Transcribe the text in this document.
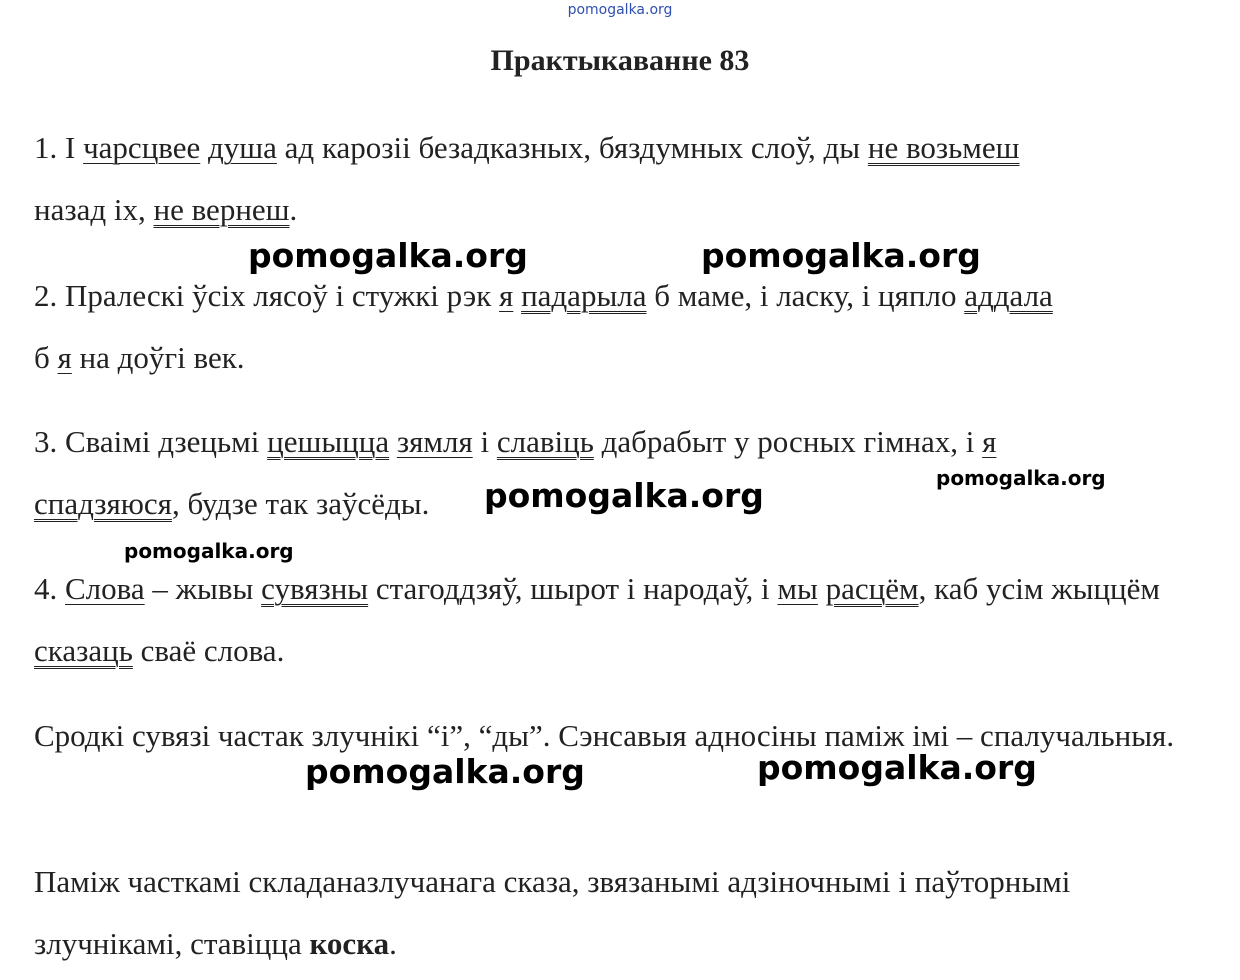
pomogalka.org
Практыкаванне 83

1. І чарсцвее душа ад карозіі безадказных, бяздумных слоў, ды не возьмеш
назад іх, не вернеш.

2. Пралескі ўсіх лясоў і стужкі рэк я падарыла б маме, і ласку, і цяпло аддала
б я на доўгі век.

3. Сваімі дзецьмі цешыцца зямля і славіць дабрабыт у росных гімнах, і я
спадзяюся, будзе так заўсёды.

4. Слова – жывы сувязны стагоддзяў, шырот і народаў, і мы расцём, каб усім жыццём сказаць сваё слова.

Сродкі сувязі частак злучнікі “і”, “ды”. Сэнсавыя адносіны паміж імі – спалучальныя.

Паміж часткамі складаназлучанага сказа, звязанымі адзіночнымі і паўторнымі злучнікамі, ставіцца коска.

pomogalka.org	pomogalka.org
pomogalka.org	pomogalka.org
pomogalka.org
pomogalka.org	pomogalka.org
